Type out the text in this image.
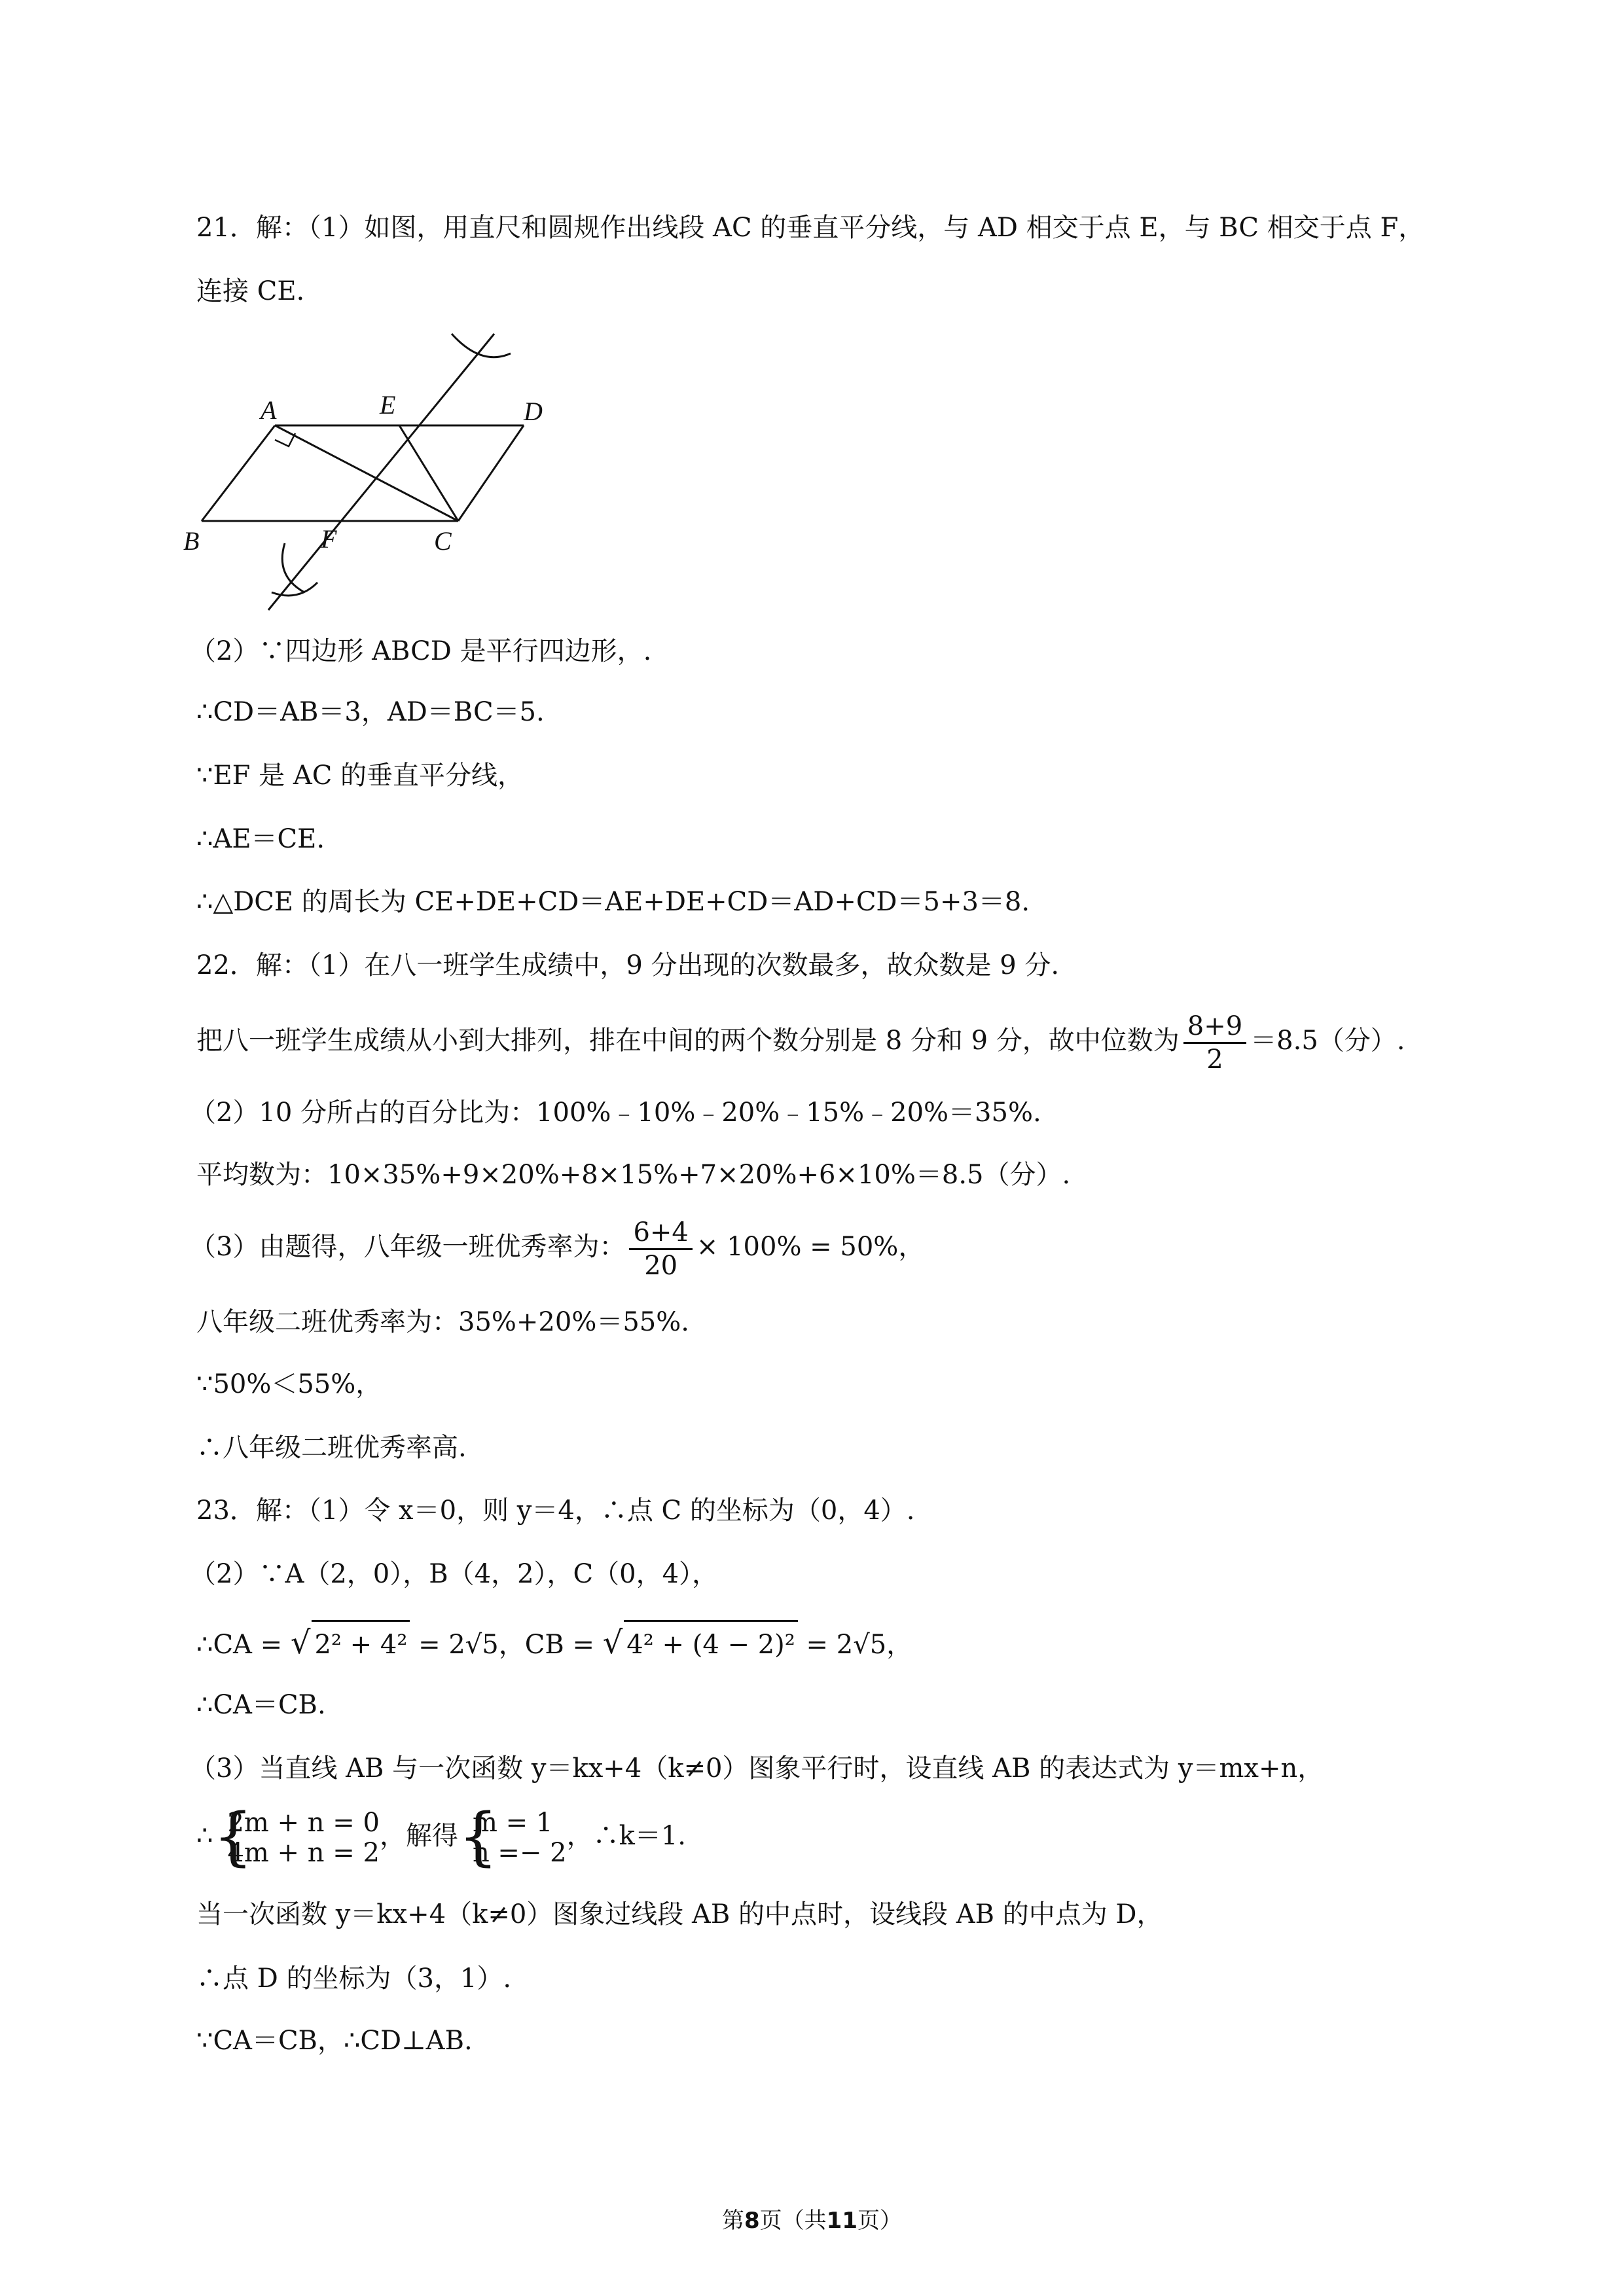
21．解：（1）如图，用直尺和圆规作出线段 AC 的垂直平分线，与 AD 相交于点 E，与 BC 相交于点 F，
连接 CE.
A	E	D
B	F	C
（2）∵四边形 ABCD 是平行四边形，.
∴CD＝AB＝3，AD＝BC＝5.
∵EF 是 AC 的垂直平分线，
∴AE＝CE.
∴△DCE 的周长为 CE+DE+CD＝AE+DE+CD＝AD+CD＝5+3＝8.
22．解：（1）在八一班学生成绩中，9 分出现的次数最多，故众数是 9 分.
把八一班学生成绩从小到大排列，排在中间的两个数分别是 8 分和 9 分，故中位数为 $\frac{8+9}{2} =8.5$（分）.
（2）10 分所占的百分比为：100%﹣10%﹣20%﹣15%﹣20%＝35%.
平均数为：10×35%+9×20%+8×15%+7×20%+6×10%＝8.5（分）.
（3）由题得，八年级一班优秀率为： $\frac{6+4}{20} \times 100\% = 50\%$，
八年级二班优秀率为：35%+20%＝55%.
∵50%＜55%，
∴八年级二班优秀率高.
23．解：（1）令 x＝0，则 y＝4，∴点 C 的坐标为（0，4）.
（2）∵A（2，0），B（4，2），C（0，4），
∴CA = √ 2² + 4² = 2√5，CB = √ 4² + (4 − 2)² = 2√5，
∴CA＝CB.
（3）当直线 AB 与一次函数 y＝kx+4（k≠0）图象平行时，设直线 AB 的表达式为 y＝mx+n，
∴ { 2m + n = 0
4m + n = 2
，解得 { m = 1
n =− 2
，∴k＝1.
当一次函数 y＝kx+4（k≠0）图象过线段 AB 的中点时，设线段 AB 的中点为 D，
∴点 D 的坐标为（3，1）.
∵CA＝CB，∴CD⊥AB.
第8页（共11页）
